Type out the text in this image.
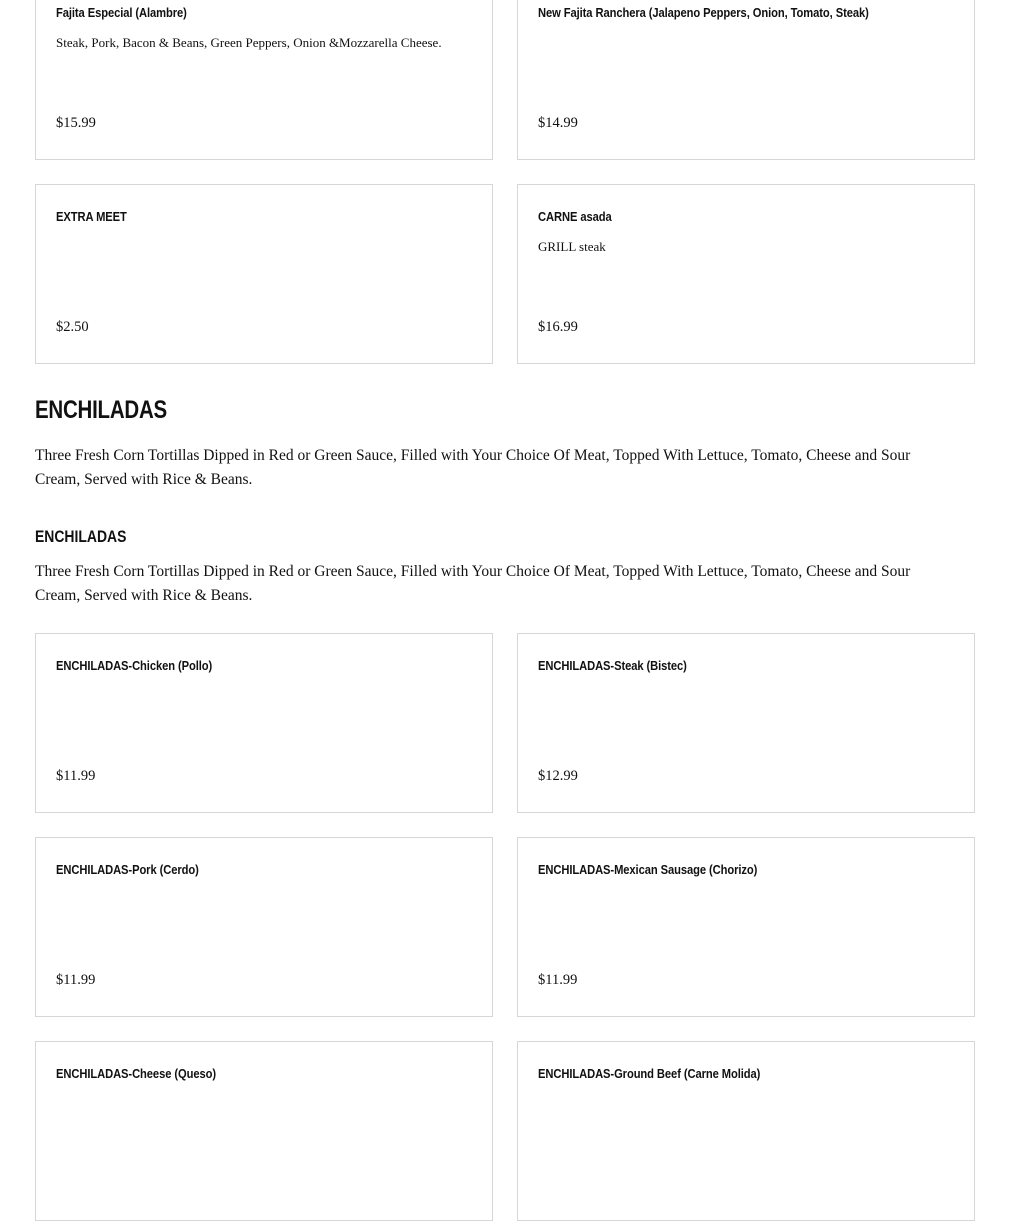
Fajita Especial (Alambre)
Steak, Pork, Bacon & Beans, Green Peppers, Onion &Mozzarella Cheese.
$15.99
New Fajita Ranchera (Jalapeno Peppers, Onion, Tomato, Steak)
$14.99
EXTRA MEET
$2.50
CARNE asada
GRILL steak
$16.99
ENCHILADAS

Three Fresh Corn Tortillas Dipped in Red or Green Sauce, Filled with Your Choice Of Meat, Topped With Lettuce, Tomato, Cheese and Sour Cream, Served with Rice & Beans.

ENCHILADAS

Three Fresh Corn Tortillas Dipped in Red or Green Sauce, Filled with Your Choice Of Meat, Topped With Lettuce, Tomato, Cheese and Sour Cream, Served with Rice & Beans.

ENCHILADAS-Chicken (Pollo)
$11.99
ENCHILADAS-Steak (Bistec)
$12.99
ENCHILADAS-Pork (Cerdo)
$11.99
ENCHILADAS-Mexican Sausage (Chorizo)
$11.99
ENCHILADAS-Cheese (Queso)	ENCHILADAS-Ground Beef (Carne Molida)
